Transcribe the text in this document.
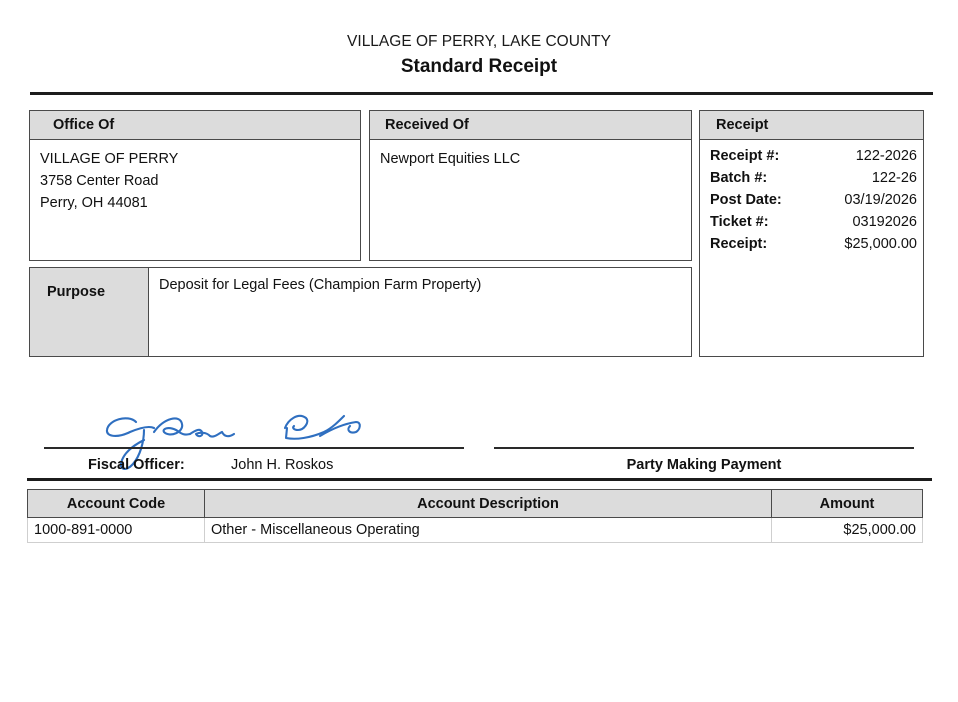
VILLAGE OF PERRY, LAKE COUNTY
Standard Receipt
Office Of
VILLAGE OF PERRY
3758 Center Road
Perry, OH 44081
Received Of
Newport Equities LLC
Receipt
Receipt #:	122-2026
Batch #:	122-26
Post Date:	03/19/2026
Ticket #:	03192026
Receipt:	$25,000.00
Purpose	Deposit for Legal Fees (Champion Farm Property)
Fiscal Officer:	John H. Roskos	Party Making Payment
Account Code	Account Description	Amount
1000-891-0000	Other - Miscellaneous Operating	$25,000.00
